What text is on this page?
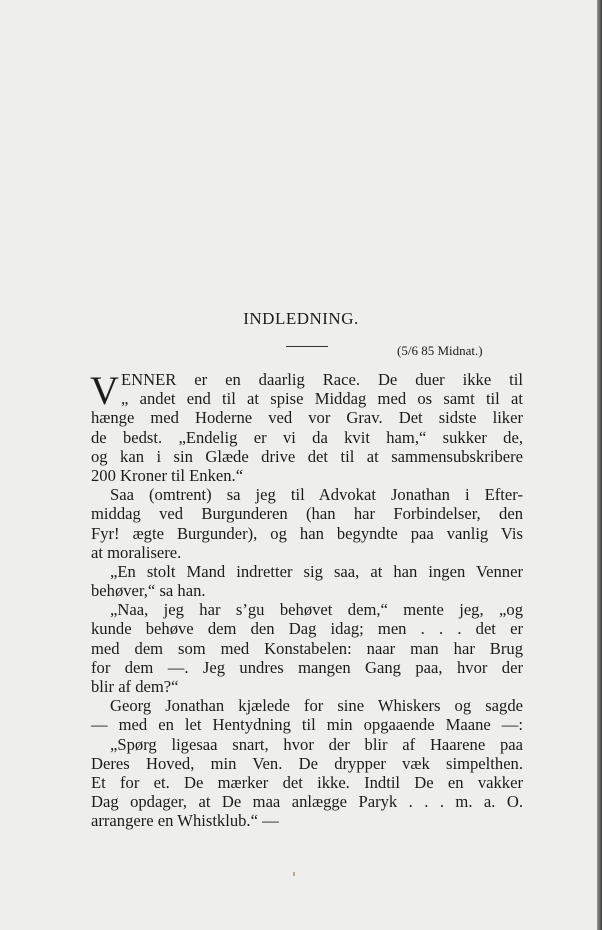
INDLEDNING.
(5/6 85 Midnat.)
V ENNER er en daarlig Race. De duer ikke til
„ andet end til at spise Middag med os samt til at
hænge med Hoderne ved vor Grav. Det sidste liker
de bedst. „Endelig er vi da kvit ham,“ sukker de,
og kan i sin Glæde drive det til at sammensubskribere
200 Kroner til Enken.“
Saa (omtrent) sa jeg til Advokat Jonathan i Efter-
middag ved Burgunderen (han har Forbindelser, den
Fyr! ægte Burgunder), og han begyndte paa vanlig Vis
at moralisere.
„En stolt Mand indretter sig saa, at han ingen Venner
behøver,“ sa han.
„Naa, jeg har s’gu behøvet dem,“ mente jeg, „og
kunde behøve dem den Dag idag; men . . . det er
med dem som med Konstabelen: naar man har Brug
for dem —. Jeg undres mangen Gang paa, hvor der
blir af dem?“
Georg Jonathan kjælede for sine Whiskers og sagde
— med en let Hentydning til min opgaaende Maane —:
„Spørg ligesaa snart, hvor der blir af Haarene paa
Deres Hoved, min Ven. De drypper væk simpelthen.
Et for et. De mærker det ikke. Indtil De en vakker
Dag opdager, at De maa anlægge Paryk . . . m. a. O.
arrangere en Whistklub.“ —
